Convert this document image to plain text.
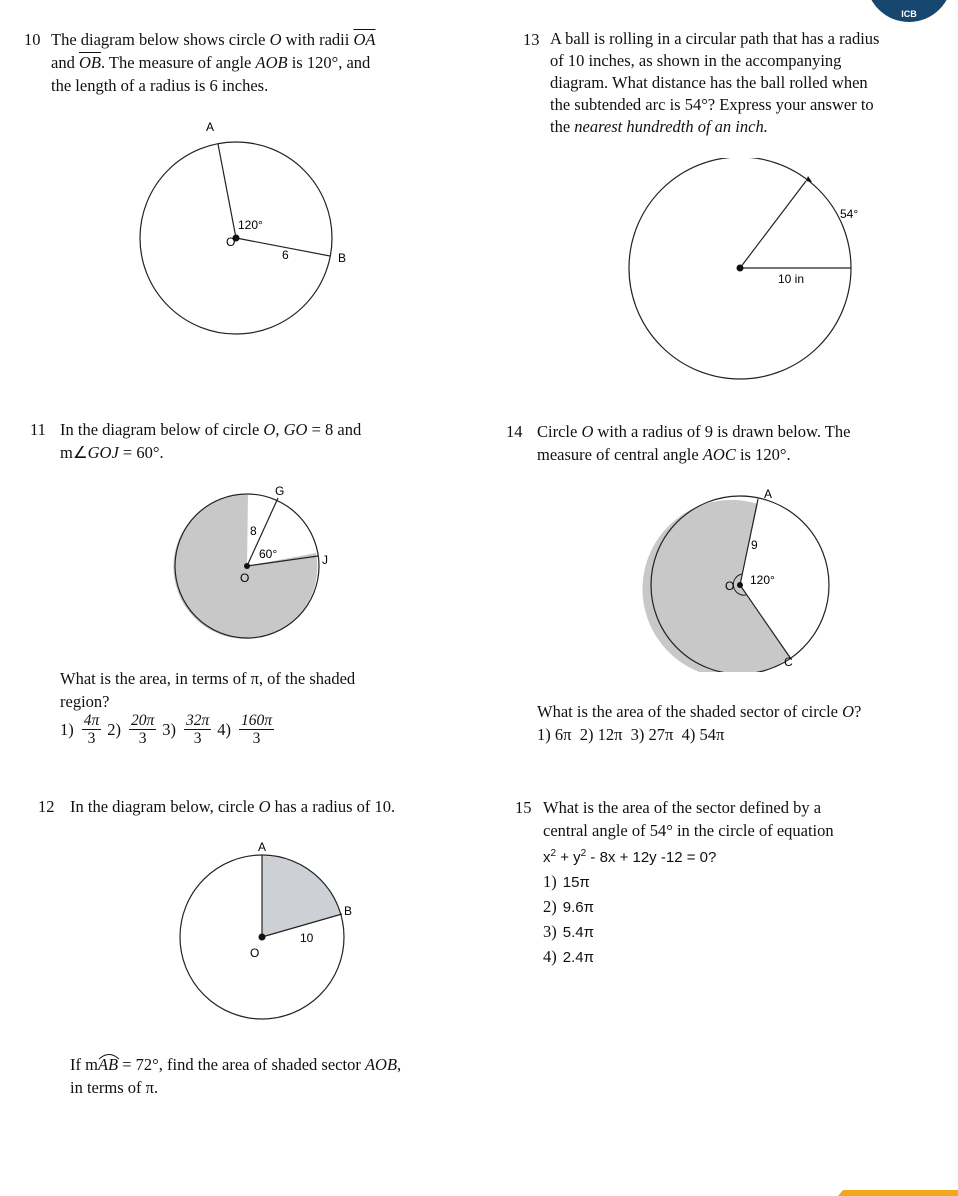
ICB
10 The diagram below shows circle O with radii $\overline{OA}$
and $\overline{OB}$. The measure of angle AOB is 120°, and
the length of a radius is 6 inches.
A
O
B
120°
6
11 In the diagram below of circle O, GO = 8 and
m∠GOJ = 60°.
G
O
J
60°
8
What is the area, in terms of π, of the shaded
region?
$1) \frac{4\pi}{3} 2) \frac{20\pi}{3} 3) \frac{32\pi}{3} 4) \frac{160\pi}{3}$
12 In the diagram below, circle O has a radius of 10.
A
O
B
10
If m
AB = 72°, find the area of shaded sector AOB,
in terms of π.
13 A ball is rolling in a circular path that has a radius
of 10 inches, as shown in the accompanying
diagram. What distance has the ball rolled when
the subtended arc is 54°? Express your answer to
the nearest hundredth of an inch.
54°
10 in
14 Circle O with a radius of 9 is drawn below. The
measure of central angle AOC is 120°.
A
O
C
120°
9
What is the area of the shaded sector of circle O?
1) 6π  2) 12π  3) 27π  4) 54π
15 What is the area of the sector defined by a
central angle of 54° in the circle of equation
$x^2 + y^2 - 8x + 12y$ -12 = 0?
1) 15π
2) 9.6π
3) 5.4π
4) 2.4π
